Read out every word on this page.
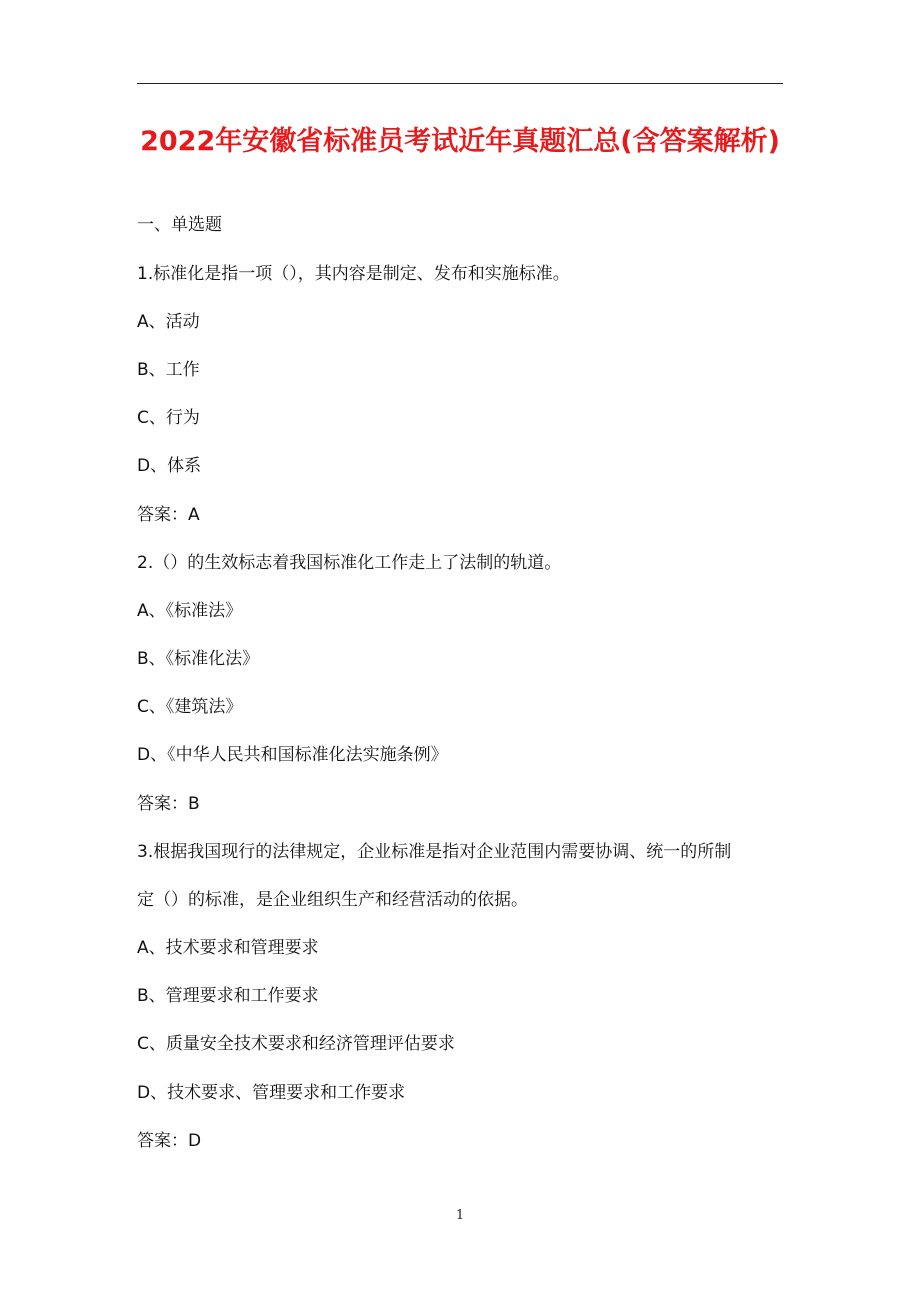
2022年安徽省标准员考试近年真题汇总(含答案解析)
一、单选题
1.标准化是指一项（），其内容是制定、发布和实施标准。
A、活动
B、工作
C、行为
D、体系
答案：A
2.（）的生效标志着我国标准化工作走上了法制的轨道。
A、《标准法》
B、《标准化法》
C、《建筑法》
D、《中华人民共和国标准化法实施条例》
答案：B
3.根据我国现行的法律规定，企业标准是指对企业范围内需要协调、统一的所制
定（）的标准，是企业组织生产和经营活动的依据。
A、技术要求和管理要求
B、管理要求和工作要求
C、质量安全技术要求和经济管理评估要求
D、技术要求、管理要求和工作要求
答案：D
1
